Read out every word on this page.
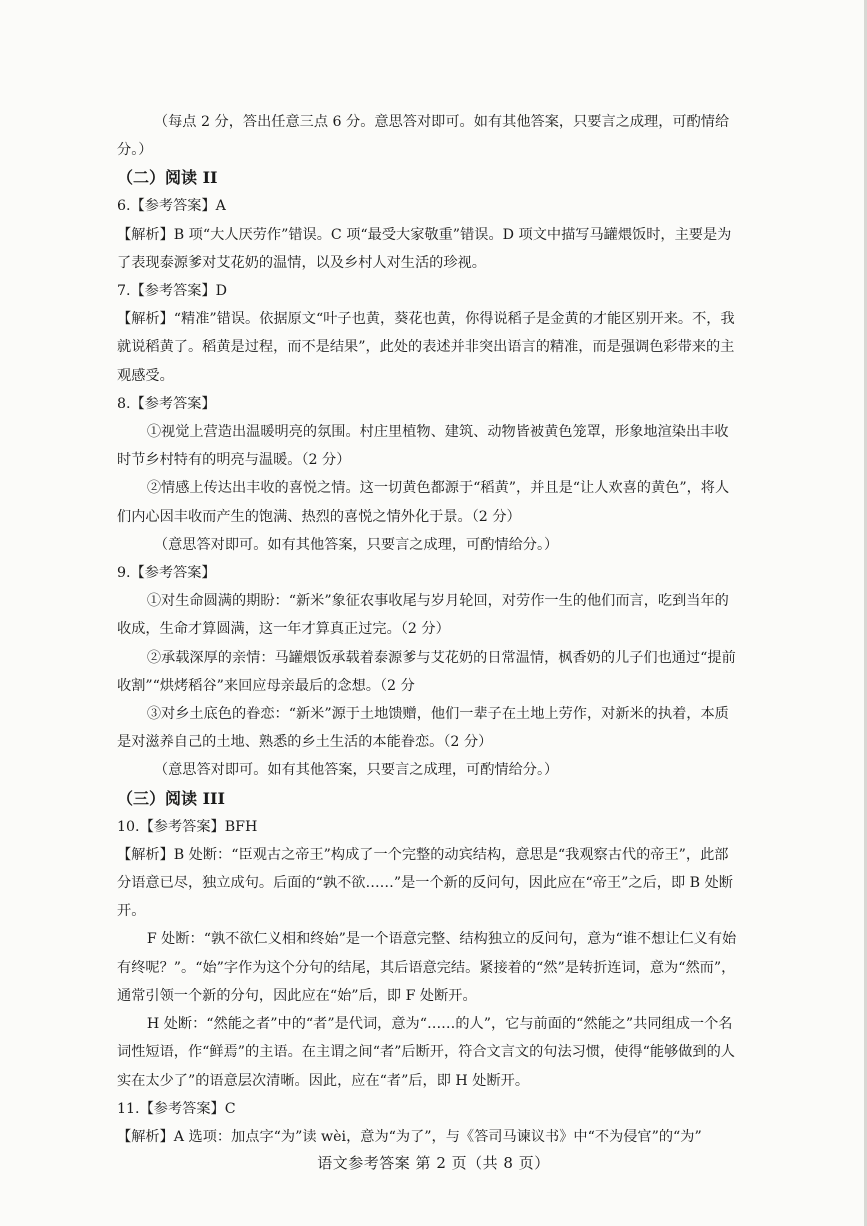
（每点 2 分，答出任意三点 6 分。意思答对即可。如有其他答案，只要言之成理，可酌情给分。）

（二）阅读 II

6.【参考答案】A

【解析】B 项“大人厌劳作”错误。C 项“最受大家敬重”错误。D 项文中描写马罐煨饭时，主要是为了表现泰源爹对艾花奶的温情，以及乡村人对生活的珍视。

7.【参考答案】D

【解析】“精准”错误。依据原文“叶子也黄，葵花也黄，你得说稻子是金黄的才能区别开来。不，我就说稻黄了。稻黄是过程，而不是结果”，此处的表述并非突出语言的精准，而是强调色彩带来的主观感受。

8.【参考答案】

①视觉上营造出温暖明亮的氛围。村庄里植物、建筑、动物皆被黄色笼罩，形象地渲染出丰收时节乡村特有的明亮与温暖。（2 分）

②情感上传达出丰收的喜悦之情。这一切黄色都源于“稻黄”，并且是“让人欢喜的黄色”，将人们内心因丰收而产生的饱满、热烈的喜悦之情外化于景。（2 分）

（意思答对即可。如有其他答案，只要言之成理，可酌情给分。）

9.【参考答案】

①对生命圆满的期盼：“新米”象征农事收尾与岁月轮回，对劳作一生的他们而言，吃到当年的收成，生命才算圆满，这一年才算真正过完。（2 分）

②承载深厚的亲情：马罐煨饭承载着泰源爹与艾花奶的日常温情，枫香奶的儿子们也通过“提前收割”“烘烤稻谷”来回应母亲最后的念想。（2 分

③对乡土底色的眷恋：“新米”源于土地馈赠，他们一辈子在土地上劳作，对新米的执着，本质是对滋养自己的土地、熟悉的乡土生活的本能眷恋。（2 分）

（意思答对即可。如有其他答案，只要言之成理，可酌情给分。）

（三）阅读 III

10.【参考答案】BFH

【解析】B 处断：“臣观古之帝王”构成了一个完整的动宾结构，意思是“我观察古代的帝王”，此部分语意已尽，独立成句。后面的“孰不欲……”是一个新的反问句，因此应在“帝王”之后，即 B 处断开。

F 处断：“孰不欲仁义相和终始”是一个语意完整、结构独立的反问句，意为“谁不想让仁义有始有终呢？”。“始”字作为这个分句的结尾，其后语意完结。紧接着的“然”是转折连词，意为“然而”，通常引领一个新的分句，因此应在“始”后，即 F 处断开。

H 处断：“然能之者”中的“者”是代词，意为“……的人”，它与前面的“然能之”共同组成一个名词性短语，作“鲜焉”的主语。在主谓之间“者”后断开，符合文言文的句法习惯，使得“能够做到的人实在太少了”的语意层次清晰。因此，应在“者”后，即 H 处断开。

11.【参考答案】C

【解析】A 选项：加点字“为”读 wèi，意为“为了”，与《答司马谏议书》中“不为侵官”的“为”

语文参考答案 第 2 页（共 8 页）
